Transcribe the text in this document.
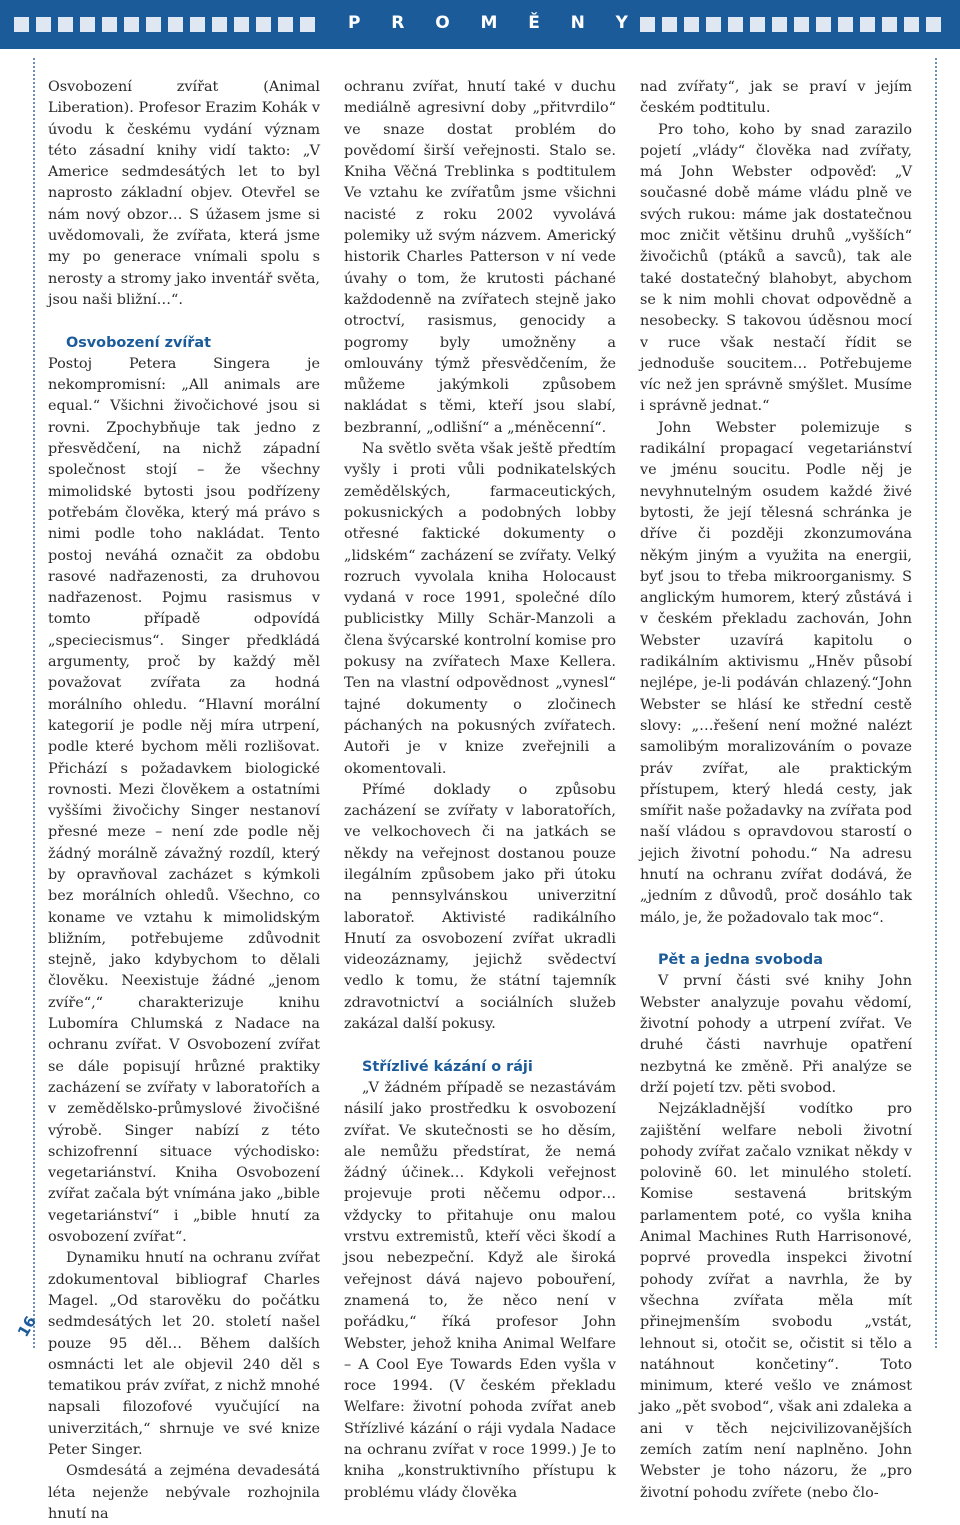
P R O M Ě N Y
16

Osvobození zvířat (Animal Liberation). Profesor Erazim Kohák v úvodu k českému vydání význam této zásadní knihy vidí takto: „V Americe sedmdesátých let to byl naprosto základní objev. Otevřel se nám nový obzor… S úžasem jsme si uvědomovali, že zvířata, která jsme my po generace vnímali spolu s nerosty a stromy jako inventář světa, jsou naši bližní…“.

Osvobození zvířat

Postoj Petera Singera je nekompromisní: „All animals are equal.“ Všichni živočichové jsou si rovni. Zpochybňuje tak jedno z přesvědčení, na nichž západní společnost stojí – že všechny mimolidské bytosti jsou podřízeny potřebám člověka, který má právo s nimi podle toho nakládat. Tento postoj neváhá označit za obdobu rasové nadřazenosti, za druhovou nadřazenost. Pojmu rasismus v tomto případě odpovídá „speciecismus“. Singer předkládá argumenty, proč by každý měl považovat zvířata za hodná morálního ohledu. “Hlavní morální kategorií je podle něj míra utrpení, podle které bychom měli rozlišovat. Přichází s požadavkem biologické rovnosti. Mezi člověkem a ostatními vyššími živočichy Singer nestanoví přesné meze – není zde podle něj žádný morálně závažný rozdíl, který by opravňoval zacházet s kýmkoli bez morálních ohledů. Všechno, co koname ve vztahu k mimolidským bližním, potřebujeme zdůvodnit stejně, jako kdybychom to dělali člověku. Neexistuje žádné „jenom zvíře“,“ charakterizuje knihu Lubomíra Chlumská z Nadace na ochranu zvířat. V Osvobození zvířat se dále popisují hrůzné praktiky zacházení se zvířaty v laboratořích a v zemědělsko-průmyslové živočišné výrobě. Singer nabízí z této schizofrenní situace východisko: vegetariánství. Kniha Osvobození zvířat začala být vnímána jako „bible vegetariánství“ i „bible hnutí za osvobození zvířat“.

Dynamiku hnutí na ochranu zvířat zdokumentoval bibliograf Charles Magel. „Od starověku do počátku sedmdesátých let 20. století našel pouze 95 děl… Během dalších osmnácti let ale objevil 240 děl s tematikou práv zvířat, z nichž mnohé napsali filozofové vyučující na univerzitách,“ shrnuje ve své knize Peter Singer.

Osmdesátá a zejména devadesátá léta nejenže nebývale rozhojnila hnutí na

ochranu zvířat, hnutí také v duchu mediálně agresivní doby „přitvrdilo“ ve snaze dostat problém do povědomí širší veřejnosti. Stalo se. Kniha Věčná Treblinka s podtitulem Ve vztahu ke zvířatům jsme všichni nacisté z roku 2002 vyvolává polemiky už svým názvem. Americký historik Charles Patterson v ní vede úvahy o tom, že krutosti páchané každodenně na zvířatech stejně jako otroctví, rasismus, genocidy a pogromy byly umožněny a omlouvány týmž přesvědčením, že můžeme jakýmkoli způsobem nakládat s těmi, kteří jsou slabí, bezbranní, „odlišní“ a „méněcenní“.

Na světlo světa však ještě předtím vyšly i proti vůli podnikatelských zemědělských, farmaceutických, pokusnických a podobných lobby otřesné faktické dokumenty o „lidském“ zacházení se zvířaty. Velký rozruch vyvolala kniha Holocaust vydaná v roce 1991, společné dílo publicistky Milly Schär-Manzoli a člena švýcarské kontrolní komise pro pokusy na zvířatech Maxe Kellera. Ten na vlastní odpovědnost „vynesl“ tajné dokumenty o zločinech páchaných na pokusných zvířatech. Autoři je v knize zveřejnili a okomentovali.

Přímé doklady o způsobu zacházení se zvířaty v laboratořích, ve velkochovech či na jatkách se někdy na veřejnost dostanou pouze ilegálním způsobem jako při útoku na pennsylvánskou univerzitní laboratoř. Aktivisté radikálního Hnutí za osvobození zvířat ukradli videozáznamy, jejichž svědectví vedlo k tomu, že státní tajemník zdravotnictví a sociálních služeb zakázal další pokusy.

Střízlivé kázání o ráji

„V žádném případě se nezastávám násilí jako prostředku k osvobození zvířat. Ve skutečnosti se ho děsím, ale nemůžu předstírat, že nemá žádný účinek… Kdykoli veřejnost projevuje proti něčemu odpor… vždycky to přitahuje onu malou vrstvu extremistů, kteří věci škodí a jsou nebezpeční. Když ale široká veřejnost dává najevo pobouření, znamená to, že něco není v pořádku,“ říká profesor John Webster, jehož kniha Animal Welfare – A Cool Eye Towards Eden vyšla v roce 1994. (V českém překladu Welfare: životní pohoda zvířat aneb Střízlivé kázání o ráji vydala Nadace na ochranu zvířat v roce 1999.) Je to kniha „konstruktivního přístupu k problému vlády člověka

nad zvířaty“, jak se praví v jejím českém podtitulu.

Pro toho, koho by snad zarazilo pojetí „vlády“ člověka nad zvířaty, má John Webster odpověď: „V současné době máme vládu plně ve svých rukou: máme jak dostatečnou moc zničit většinu druhů „vyšších“ živočichů (ptáků a savců), tak ale také dostatečný blahobyt, abychom se k nim mohli chovat odpovědně a nesobecky. S takovou úděsnou mocí v ruce však nestačí řídit se jednoduše soucitem… Potřebujeme víc než jen správně smýšlet. Musíme i správně jednat.“

John Webster polemizuje s radikální propagací vegetariánství ve jménu soucitu. Podle něj je nevyhnutelným osudem každé živé bytosti, že její tělesná schránka je dříve či později zkonzumována někým jiným a využita na energii, byť jsou to třeba mikroorganismy. S anglickým humorem, který zůstává i v českém překladu zachován, John Webster uzavírá kapitolu o radikálním aktivismu „Hněv působí nejlépe, je-li podáván chlazený.“John Webster se hlásí ke střední cestě slovy: „…řešení není možné nalézt samolibým moralizováním o povaze práv zvířat, ale praktickým přístupem, který hledá cesty, jak smířit naše požadavky na zvířata pod naší vládou s opravdovou starostí o jejich životní pohodu.“ Na adresu hnutí na ochranu zvířat dodává, že „jedním z důvodů, proč dosáhlo tak málo, je, že požadovalo tak moc“.

Pět a jedna svoboda

V první části své knihy John Webster analyzuje povahu vědomí, životní pohody a utrpení zvířat. Ve druhé části navrhuje opatření nezbytná ke změně. Při analýze se drží pojetí tzv. pěti svobod.

Nejzákladnější vodítko pro zajištění welfare neboli životní pohody zvířat začalo vznikat někdy v polovině 60. let minulého století. Komise sestavená britským parlamentem poté, co vyšla kniha Animal Machines Ruth Harrisonové, poprvé provedla inspekci životní pohody zvířat a navrhla, že by všechna zvířata měla mít přinejmenším svobodu „vstát, lehnout si, otočit se, očistit si tělo a natáhnout končetiny“. Toto minimum, které vešlo ve známost jako „pět svobod“, však ani zdaleka a ani v těch nejcivilizovanějších zemích zatím není naplněno. John Webster je toho názoru, že „pro životní pohodu zvířete (nebo člo-
